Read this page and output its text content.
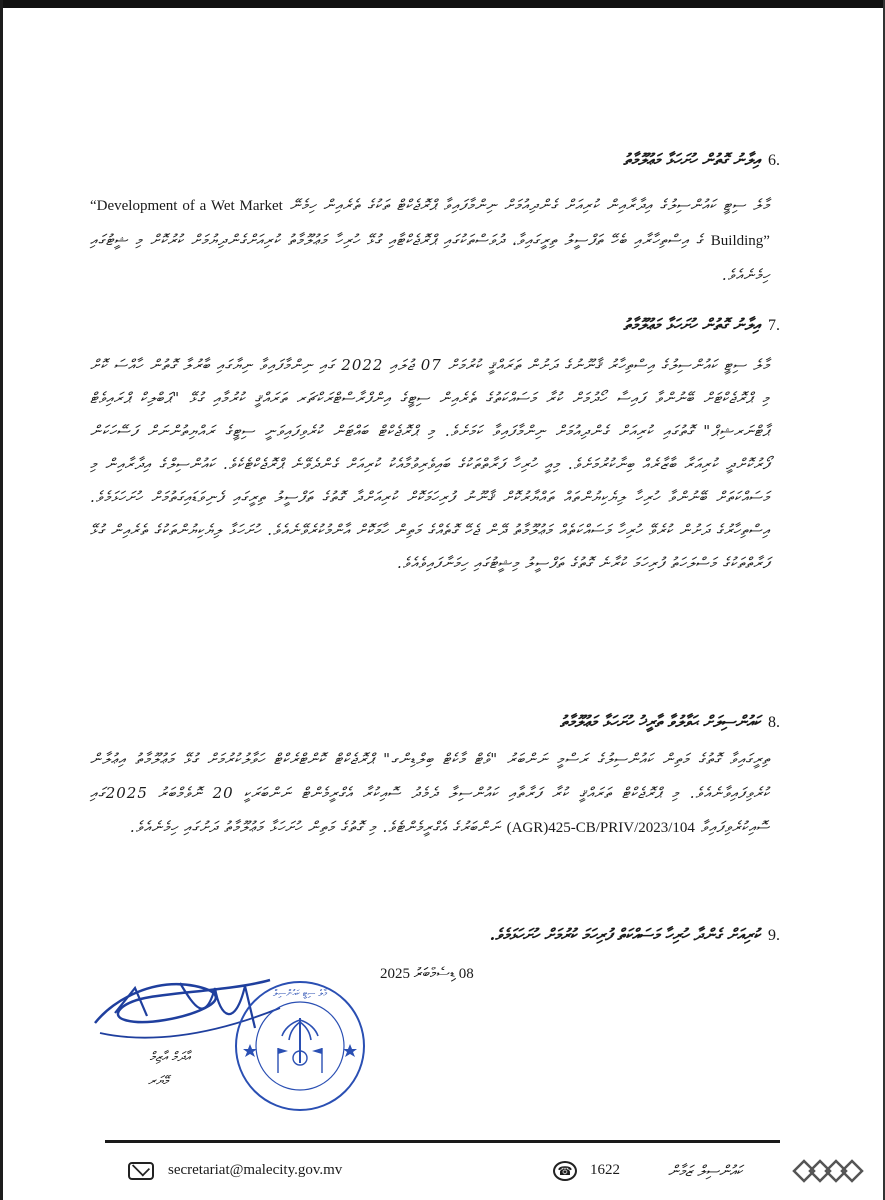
6.
އިލާނު ގޮތުން ހުށަހަޅާ މަޢުލޫމާތު
މާލެ ސިޓީ ކައުންސިލުގެ އިދާރާއިން ކުރިއަށް ގެންދިއުމަށް ނިންމާފައިވާ ޕްރޮޖެކްޓް ތަކުގެ ތެރެއިން ހިމެނޭ “Development of a Wet Market Building” ގެ އިސްތިހާރާއި ބެހޭ ތަފްސީލު ތިރީގައިވާ، ދުވަސްތަކުގައި ޕްރޮޖެކްޓާއި ގުޅޭ ހުރިހާ މަޢުލޫމާތު ކުރިއަށްގެންދިޔުމަށް ކުރުކޮށް މި ޝީޓުގައި ހިމެނެއެވެ.
7.
އިލާނު ގޮތުން ހުށަހަޅާ މަޢުލޫމާތު
މާލެ ސިޓީ ކައުންސިލުގެ އިސްތިހާރު ޤާނޫނުގެ ދަށުން ތަރައްޤީ ކުރުމަށް 07 ޖުލައި 2022 ގައި ނިންމާފައިވާ ނިޔާގައި ބާރުލާ ގޮތުން ހާއްސަ ކޮށް މި ޕްރޮޖެކްޓަށް ބޭނުންވާ ފައިސާ ހޯދުމަށް ކުރާ މަސައްކަތުގެ ތެރެއިން ސިޓީގެ އިންފްރާސްޓްރަކްޗަރ ތަރައްޤީ ކުރުމާއި ގުޅޭ "ޕަބްލިކް ޕްރައިވެޓް ޕާޓްނަރޝިޕް" ގޮތުގައި ކުރިއަށް ގެންދިއުމަށް ނިންމާފައިވާ ކަމަށެވެ. މި ޕްރޮޖެކްޓް ބައްޓަން ކުރެވިފައިވަނީ ސިޓީގެ ރައްޔިތުންނަށް ފަސޭހަކަން ފޯރުކޮށްދީ ކުރިއަރާ ބާޒާރެއް ބިނާކުރުމަށެވެ. މިއީ ހުރިހާ ފަރާތްތަކުގެ ބައިވެރިވުމާއެކު ކުރިއަށް ގެންދެވޭނެ ޕްރޮޖެކްޓެކެވެ. ކައުންސިލްގެ އިދާރާއިން މި މަސައްކަތަށް ބޭނުންވާ ހުރިހާ ލިޔެކިޔުންތައް ތައްޔާރުކޮށް ޤާނޫނު ފުރިހަމަކޮށް ކުރިއަށްދާ ގޮތުގެ ތަފްސީލު ތިރީގައި ފެނިވަޑައިގަތުމަށް ހުށަހަޅަމެވެ. އިސްތިހާރުގެ ދަށުން ކުރެވޭ ހުރިހާ މަސައްކަތެއް މަޢުލޫމާތު ދޭން ޖެހޭ ގޮތެއްގެ މަތިން ހާމަކޮށް އާންމުކުރެވޭނެއެވެ. ހުށަހަޅާ ލިޔެކިޔުންތަކުގެ ތެރެއިން ގުޅޭ ފަރާތްތަކުގެ މަސްލަހަތު ފުރިހަމަ ކުރާނެ ގޮތުގެ ތަފްސީލު މިޝީޓުގައި ހިމަނާފައިވެއެވެ.
8.
ކައުންސިލަށް ޙަވާލުވާ ތާރީޚު ހުށަހަޅާ މަޢުލޫމާތު
ތިރީގައިވާ ގޮތުގެ މަތިން ކައުންސިލުގެ ރަސްމީ ނަންބަރު "ވެޓް މާކެޓް ބިލްޑިންގ" ޕްރޮޖެކްޓް ކޮންޓްރެކްޓް ހަވާލުކުރުމަށް ގުޅޭ މަޢުލޫމާތު އިޢުލާން ކުރެވިފައިވާނެއެވެ. މި ޕްރޮޖެކްޓް ތަރައްޤީ ކުރާ ފަރާތާއި ކައުންސިލާ ދެމެދު ސޮއިކުރާ އެގްރީމެންޓް ނަންބަރަކީ 20 ނޮވެމްބަރު 2025ގައި ސޮއިކުރެވިފައިވާ (AGR)425-CB/PRIV/2023/104 ނަންބަރުގެ އެގްރީމެންޓެވެ. މި ގޮތުގެ މަތިން ހުށަހަޅާ މަޢުލޫމާތު ދަށުގައި ހިމެނެއެވެ.
9.
ކުރިއަށް ގެންދާ ހުރިހާ މަސައްކަތް ފުރިހަމަ ކުރުމަށް ހުށަހަޅަމެވެ.
08 ޑިސެމްބަރު 2025
މާލެ ސިޓީ ކައުންސިލް
އާދަމް އާޒިމް
މޭޔަރ
secretariat@malecity.gov.mv	☎	1622	ކައުންސިލް ޒަމާން
